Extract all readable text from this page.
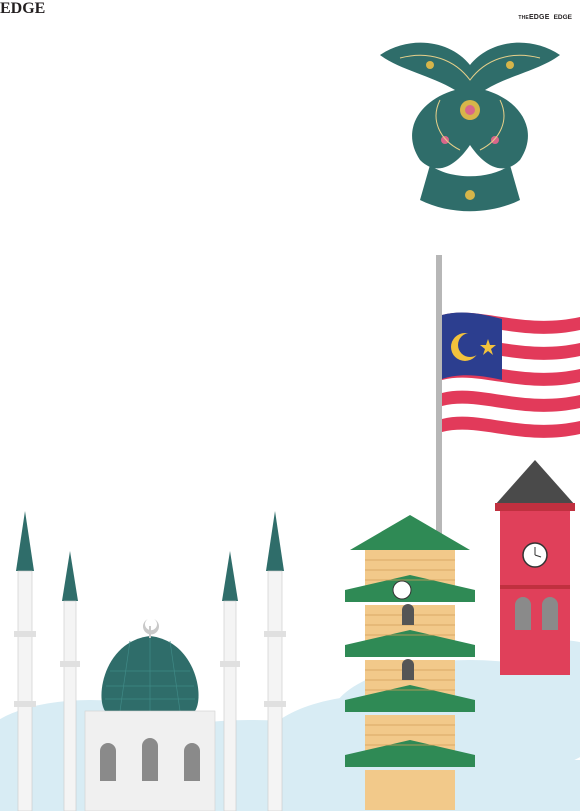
THEEDGE EDGE
EDGE
